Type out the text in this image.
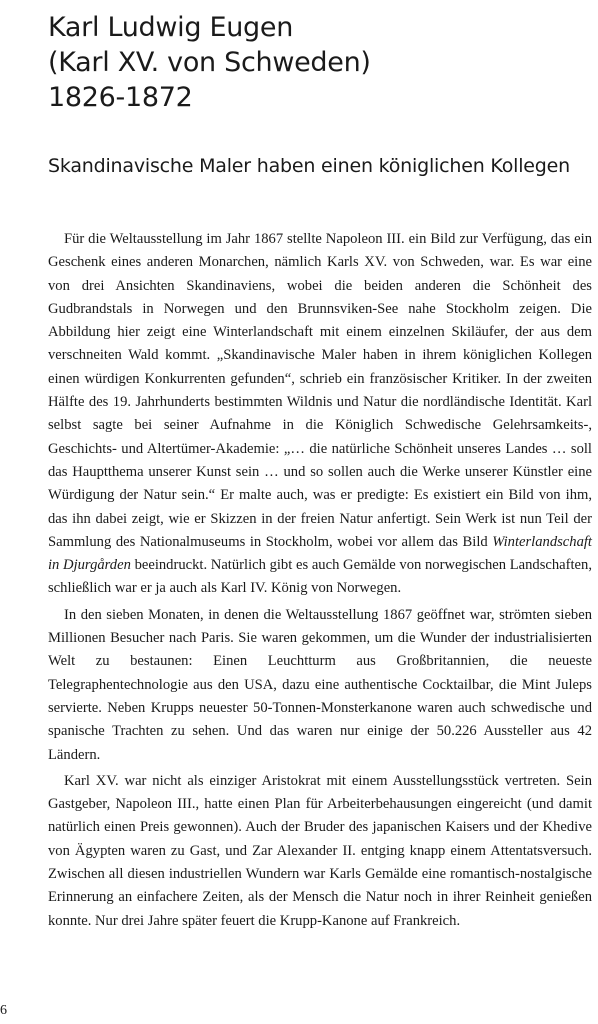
Karl Ludwig Eugen
(Karl XV. von Schweden)
1826-1872
Skandinavische Maler haben einen königlichen Kollegen

Für die Weltausstellung im Jahr 1867 stellte Napoleon III. ein Bild zur Verfügung, das ein Geschenk eines anderen Monarchen, nämlich Karls XV. von Schweden, war. Es war eine von drei Ansichten Skandinaviens, wobei die beiden anderen die Schönheit des Gudbrandstals in Norwegen und den Brunnsviken-See nahe Stockholm zeigen. Die Abbildung hier zeigt eine Winterlandschaft mit einem einzelnen Skiläufer, der aus dem verschneiten Wald kommt. „Skandinavische Maler haben in ihrem königlichen Kollegen einen würdigen Konkurrenten gefunden“, schrieb ein französischer Kritiker. In der zweiten Hälfte des 19. Jahrhunderts bestimmten Wildnis und Natur die nordländische Identität. Karl selbst sagte bei seiner Aufnahme in die Königlich Schwedische Gelehrsamkeits-, Geschichts- und Altertümer-Akademie: „… die natürliche Schönheit unseres Landes … soll das Hauptthema unserer Kunst sein … und so sollen auch die Werke unserer Künstler eine Würdigung der Natur sein.“ Er malte auch, was er predigte: Es existiert ein Bild von ihm, das ihn dabei zeigt, wie er Skizzen in der freien Natur anfertigt. Sein Werk ist nun Teil der Sammlung des Nationalmuseums in Stockholm, wobei vor allem das Bild Winterlandschaft in Djurgården beeindruckt. Natürlich gibt es auch Gemälde von norwegischen Landschaften, schließlich war er ja auch als Karl IV. König von Norwegen.

In den sieben Monaten, in denen die Weltausstellung 1867 geöffnet war, strömten sieben Millionen Besucher nach Paris. Sie waren gekommen, um die Wunder der industrialisierten Welt zu bestaunen: Einen Leuchtturm aus Großbritannien, die neueste Telegraphentechnologie aus den USA, dazu eine authentische Cocktailbar, die Mint Juleps servierte. Neben Krupps neuester 50-Tonnen-Monsterkanone waren auch schwedische und spanische Trachten zu sehen. Und das waren nur einige der 50.226 Aussteller aus 42 Ländern.

Karl XV. war nicht als einziger Aristokrat mit einem Ausstellungsstück vertreten. Sein Gastgeber, Napoleon III., hatte einen Plan für Arbeiterbehausungen eingereicht (und damit natürlich einen Preis gewonnen). Auch der Bruder des japanischen Kaisers und der Khedive von Ägypten waren zu Gast, und Zar Alexander II. entging knapp einem Attentatsversuch. Zwischen all diesen industriellen Wundern war Karls Gemälde eine romantisch-nostalgische Erinnerung an einfachere Zeiten, als der Mensch die Natur noch in ihrer Reinheit genießen konnte. Nur drei Jahre später feuert die Krupp-Kanone auf Frankreich.

6
